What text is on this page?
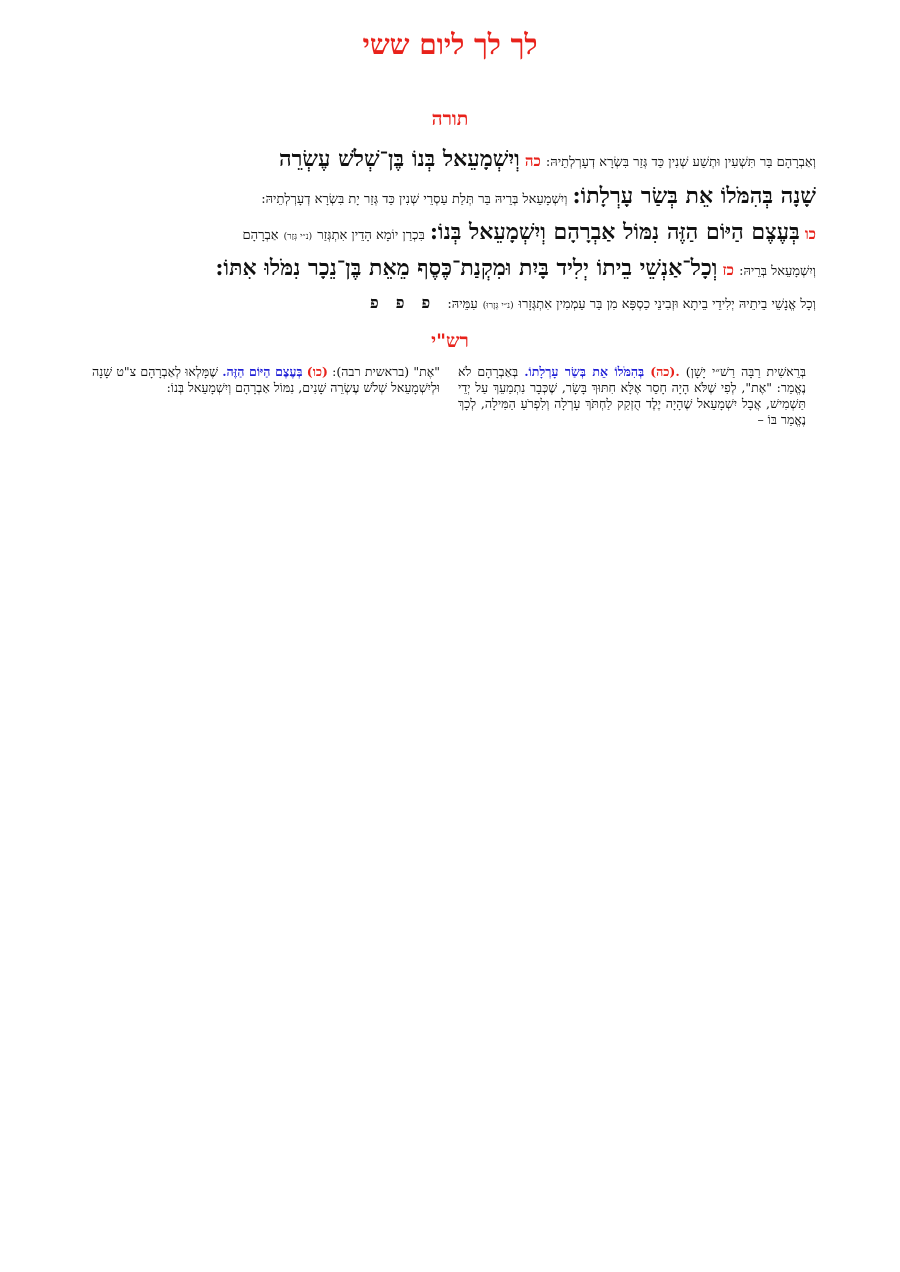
לך לך ליום ששי
תורה
וְאַבְרָהָם בַּר תִּשְׁעִין וּתְשַׁע שְׁנִין כַּד גְּזַר בִּשְׂרָא דְעָרְלְתֵיהּ: כה וְיִשְׁמָעֵאל בְּנוֹ בֶּן־שְׁלֹשׁ עֶשְׂרֵה
שָׁנָה בְּהִמֹּלוֹ אֵת בְּשַׂר עָרְלָתוֹ: וְיִשְׁמָעֵאל בְּרֵיהּ בַּר תְּלַת עַסְרֵי שְׁנִין כַּד גְּזַר יָת בִּשְׂרָא דְעָרְלְתֵיהּ:
כו בְּעֶצֶם הַיּוֹם הַזֶּה נִמּוֹל אַבְרָהָם וְיִשְׁמָעֵאל בְּנוֹ: בִּכְרַן יוֹמָא הָדֵין אִתְגְּזַר (נ״י גְּזַר) אַבְרָהָם
וְיִשְׁמָעֵאל בְּרֵיהּ: כז וְכָל־אַנְשֵׁי בֵיתוֹ יְלִיד בָּיִת וּמִקְנַת־כֶּסֶף מֵאֵת בֶּן־נֵכָר נִמֹּלוּ אִתּוֹ:
וְכָל אֱנָשֵׁי בֵיתֵיהּ יְלִידֵי בֵיתָא וּזְבִינֵי כַסְפָּא מִן בַּר עַמְמִין אִתְגְּזָרוּ (נ״י גְּזָרוּ) עִמֵּיהּ: פ פ פ
רש"י
בְּרֵאשִׁית רַבָּה רַשׁ״י יָשָׁן) .(כה) בְּהִמֹּלוֹ אֵת בְּשַׂר עָרְלָתוֹ. בְּאַבְרָהָם לֹא נֶאֱמַר: "אֶת", לְפִי שֶׁלֹּא הָיָה חָסֵר אֶלָּא חִתּוּךְ בָּשָׂר, שֶׁכְּבָר נִתְמַעֵךְ עַל יְדֵי תַּשְׁמִישׁ, אֲבָל יִשְׁמָעֵאל שֶׁהָיָה יֶלֶד הֻזְקַק לַחְתֹּךְ עָרְלָה וְלִפְרֹעַ הַמִּילָה, לְכָךְ נֶאֱמַר בּוֹ –
"אֶת" (בראשית רבה): (כו) בְּעֶצֶם הַיּוֹם הַזֶּה. שֶׁמָּלְאוּ לְאַבְרָהָם צ"ט שָׁנָה וּלְיִשְׁמָעֵאל שְׁלֹשׁ עֶשְׂרֵה שָׁנִים, נִמּוֹל אַבְרָהָם וְיִשְׁמָעֵאל בְּנוֹ:
